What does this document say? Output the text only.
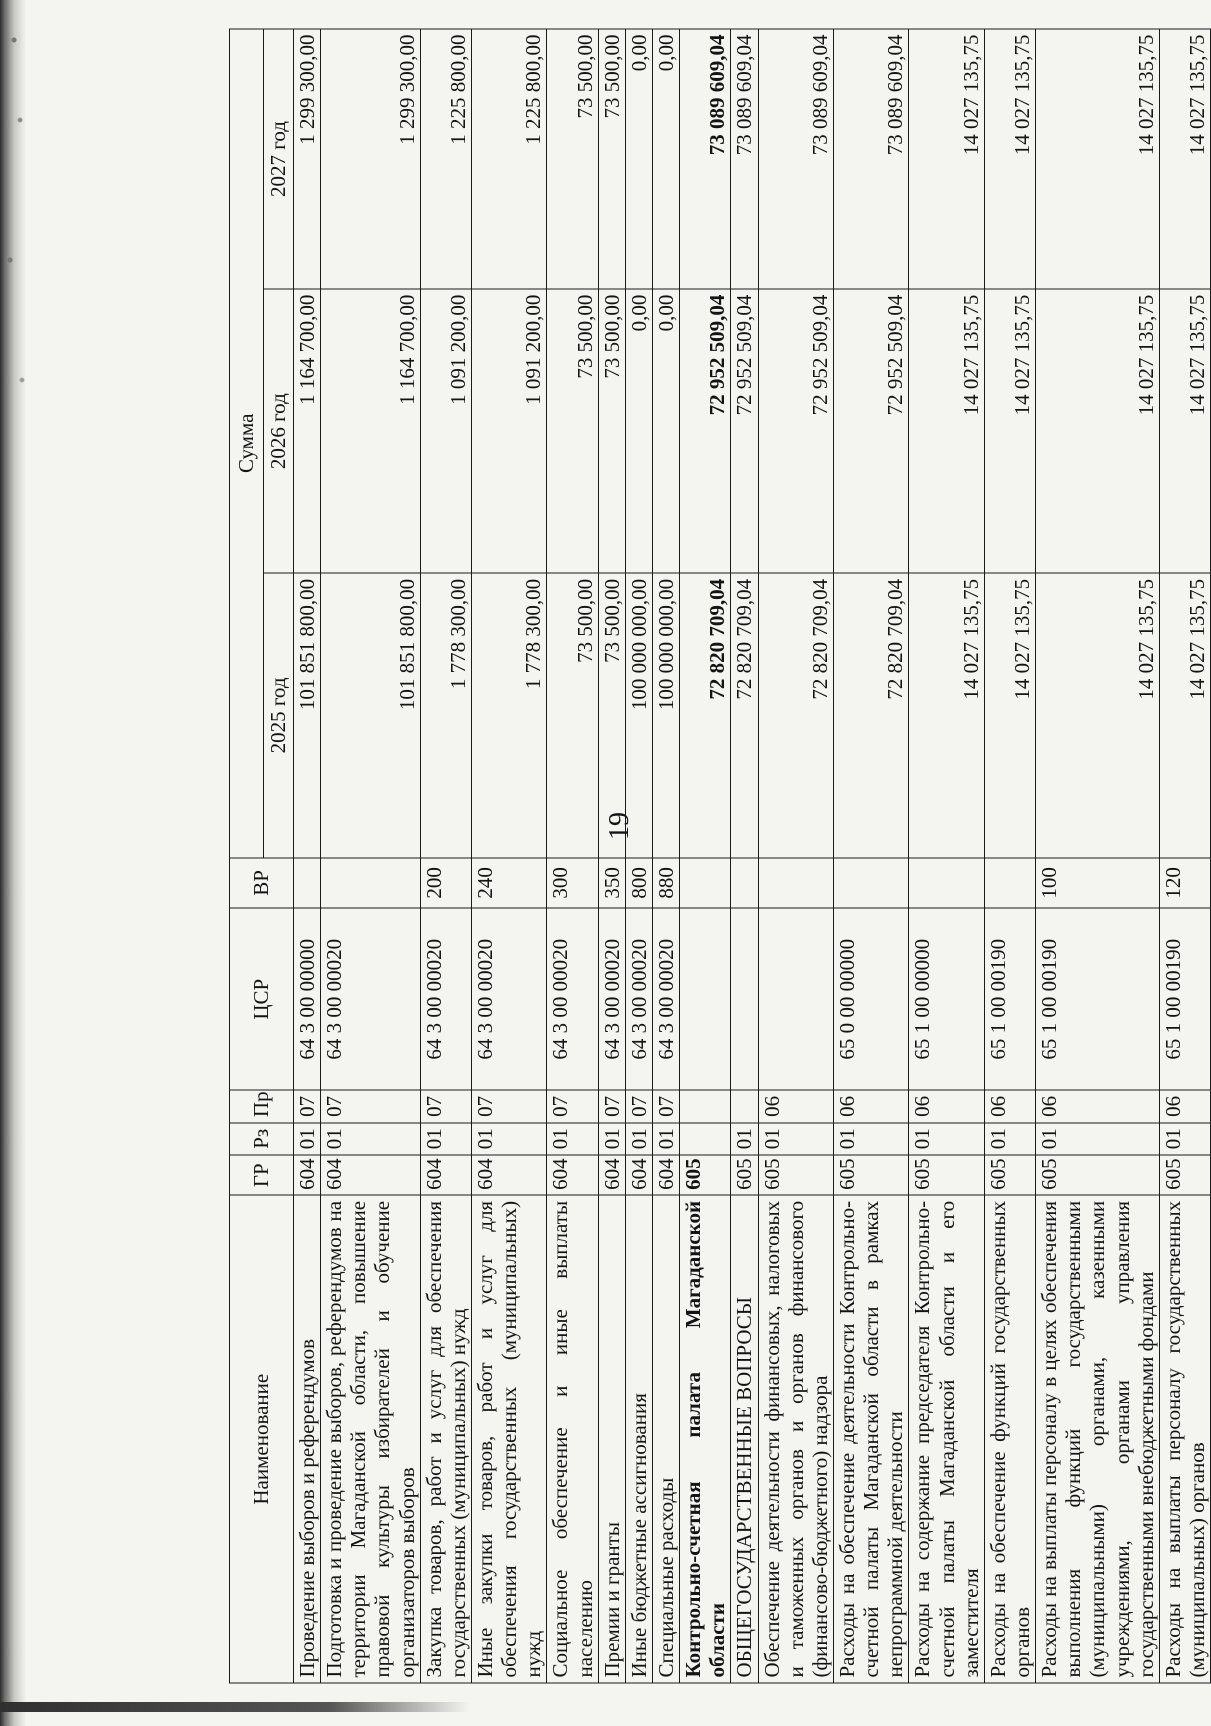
19
Наименование	ГР	Рз	Пр	ЦСР	ВР	Сумма		
						2025 год	2026 год	2027 год
Проведение выборов и референдумов	604	01	07	64 3 00 00000		101 851 800,00	1 164 700,00	1 299 300,00
Подготовка и проведение выборов, референдумов на территории Магаданской области, повышение правовой культуры избирателей и обучение организаторов выборов	604	01	07	64 3 00 00020		101 851 800,00	1 164 700,00	1 299 300,00
Закупка товаров, работ и услуг для обеспечения государственных (муниципальных) нужд	604	01	07	64 3 00 00020	200	1 778 300,00	1 091 200,00	1 225 800,00
Иные закупки товаров, работ и услуг для обеспечения государственных (муниципальных) нужд	604	01	07	64 3 00 00020	240	1 778 300,00	1 091 200,00	1 225 800,00
Социальное обеспечение и иные выплаты населению	604	01	07	64 3 00 00020	300	73 500,00	73 500,00	73 500,00
Премии и гранты	604	01	07	64 3 00 00020	350	73 500,00	73 500,00	73 500,00
Иные бюджетные ассигнования	604	01	07	64 3 00 00020	800	100 000 000,00	0,00	0,00
Специальные расходы	604	01	07	64 3 00 00020	880	100 000 000,00	0,00	0,00
Контрольно-счетная палата Магаданской области	605					72 820 709,04	72 952 509,04	73 089 609,04
ОБЩЕГОСУДАРСТВЕННЫЕ ВОПРОСЫ	605	01				72 820 709,04	72 952 509,04	73 089 609,04
Обеспечение деятельности финансовых, налоговых и таможенных органов и органов финансового (финансово-бюджетного) надзора	605	01	06			72 820 709,04	72 952 509,04	73 089 609,04
Расходы на обеспечение деятельности Контрольно-счетной палаты Магаданской области в рамках непрограммной деятельности	605	01	06	65 0 00 00000		72 820 709,04	72 952 509,04	73 089 609,04
Расходы на содержание председателя Контрольно-счетной палаты Магаданской области и его заместителя	605	01	06	65 1 00 00000		14 027 135,75	14 027 135,75	14 027 135,75
Расходы на обеспечение функций государственных органов	605	01	06	65 1 00 00190		14 027 135,75	14 027 135,75	14 027 135,75
Расходы на выплаты персоналу в целях обеспечения выполнения функций государственными (муниципальными) органами, казенными учреждениями, органами управления государственными внебюджетными фондами	605	01	06	65 1 00 00190	100	14 027 135,75	14 027 135,75	14 027 135,75
Расходы на выплаты персоналу государственных (муниципальных) органов	605	01	06	65 1 00 00190	120	14 027 135,75	14 027 135,75	14 027 135,75
